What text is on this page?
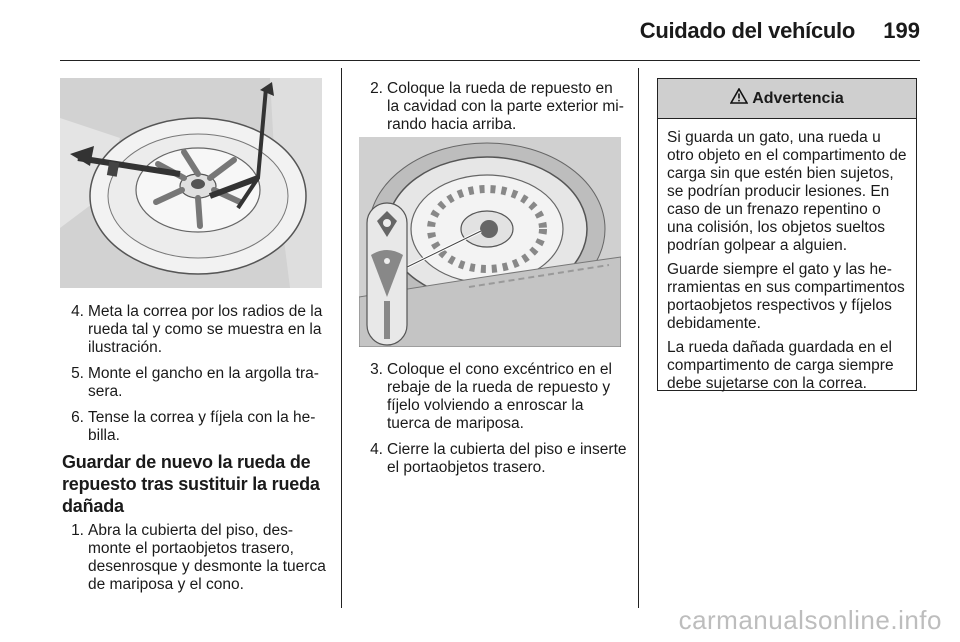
Cuidado del vehículo 199
4. Meta la correa por los radios de la rueda tal y como se muestra en la ilustración.
5. Monte el gancho en la argolla trasera.
6. Tense la correa y fíjela con la hebilla.
Guardar de nuevo la rueda de repuesto tras sustituir la rueda dañada
1. Abra la cubierta del piso, desmonte el portaobjetos trasero, desenrosque y desmonte la tuerca de mariposa y el cono.
2. Coloque la rueda de repuesto en la cavidad con la parte exterior mirando hacia arriba.
3. Coloque el cono excéntrico en el rebaje de la rueda de repuesto y fíjelo volviendo a enroscar la tuerca de mariposa.
4. Cierre la cubierta del piso e inserte el portaobjetos trasero.
Advertencia

Si guarda un gato, una rueda u otro objeto en el compartimento de carga sin que estén bien sujetos, se podrían producir lesiones. En caso de un frenazo repentino o una colisión, los objetos sueltos podrían golpear a alguien.

Guarde siempre el gato y las herramientas en sus compartimentos portaobjetos respectivos y fíjelos debidamente.

La rueda dañada guardada en el compartimento de carga siempre debe sujetarse con la correa.

carmanualsonline.info
